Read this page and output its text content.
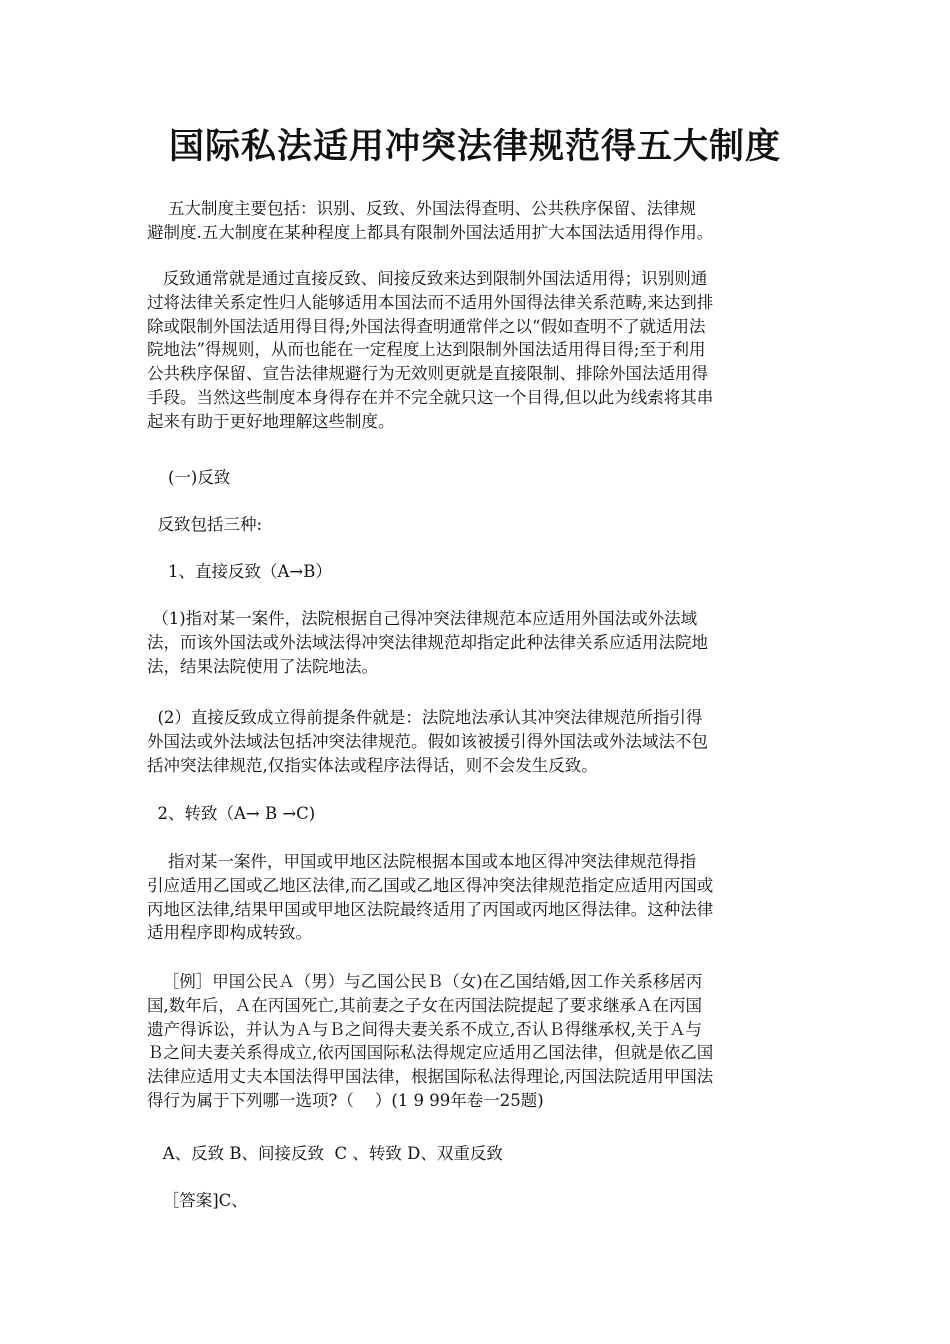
国际私法适用冲突法律规范得五大制度
五大制度主要包括：识别、反致、外国法得查明、公共秩序保留、法律规
避制度.五大制度在某种程度上都具有限制外国法适用扩大本国法适用得作用。
反致通常就是通过直接反致、间接反致来达到限制外国法适用得；识别则通
过将法律关系定性归人能够适用本国法而不适用外国得法律关系范畴,来达到排
除或限制外国法适用得目得;外国法得查明通常伴之以“假如查明不了就适用法
院地法”得规则，从而也能在一定程度上达到限制外国法适用得目得;至于利用
公共秩序保留、宣告法律规避行为无效则更就是直接限制、排除外国法适用得
手段。当然这些制度本身得存在并不完全就只这一个目得,但以此为线索将其串
起来有助于更好地理解这些制度。
(一)反致
反致包括三种:
1、直接反致（A→B）
（1)指对某一案件，法院根据自己得冲突法律规范本应适用外国法或外法域
法，而该外国法或外法域法得冲突法律规范却指定此种法律关系应适用法院地
法，结果法院使用了法院地法。
(2）直接反致成立得前提条件就是：法院地法承认其冲突法律规范所指引得
外国法或外法域法包括冲突法律规范。假如该被援引得外国法或外法域法不包
括冲突法律规范,仅指实体法或程序法得话，则不会发生反致。
2、转致（A→ B →C)
指对某一案件，甲国或甲地区法院根据本国或本地区得冲突法律规范得指
引应适用乙国或乙地区法律,而乙国或乙地区得冲突法律规范指定应适用丙国或
丙地区法律,结果甲国或甲地区法院最终适用了丙国或丙地区得法律。这种法律
适用程序即构成转致。
［例］甲国公民Ａ（男）与乙国公民Ｂ（女)在乙国结婚,因工作关系移居丙
国,数年后，Ａ在丙国死亡,其前妻之子女在丙国法院提起了要求继承Ａ在丙国
遗产得诉讼，并认为Ａ与Ｂ之间得夫妻关系不成立,否认Ｂ得继承权,关于Ａ与
Ｂ之间夫妻关系得成立,依丙国国际私法得规定应适用乙国法律，但就是依乙国
法律应适用丈夫本国法得甲国法律，根据国际私法得理论,丙国法院适用甲国法
得行为属于下列哪一选项?（    ）(1 9 99年卷一25题)
A、反致 B、间接反致  C 、转致 D、双重反致
［答案]C、
